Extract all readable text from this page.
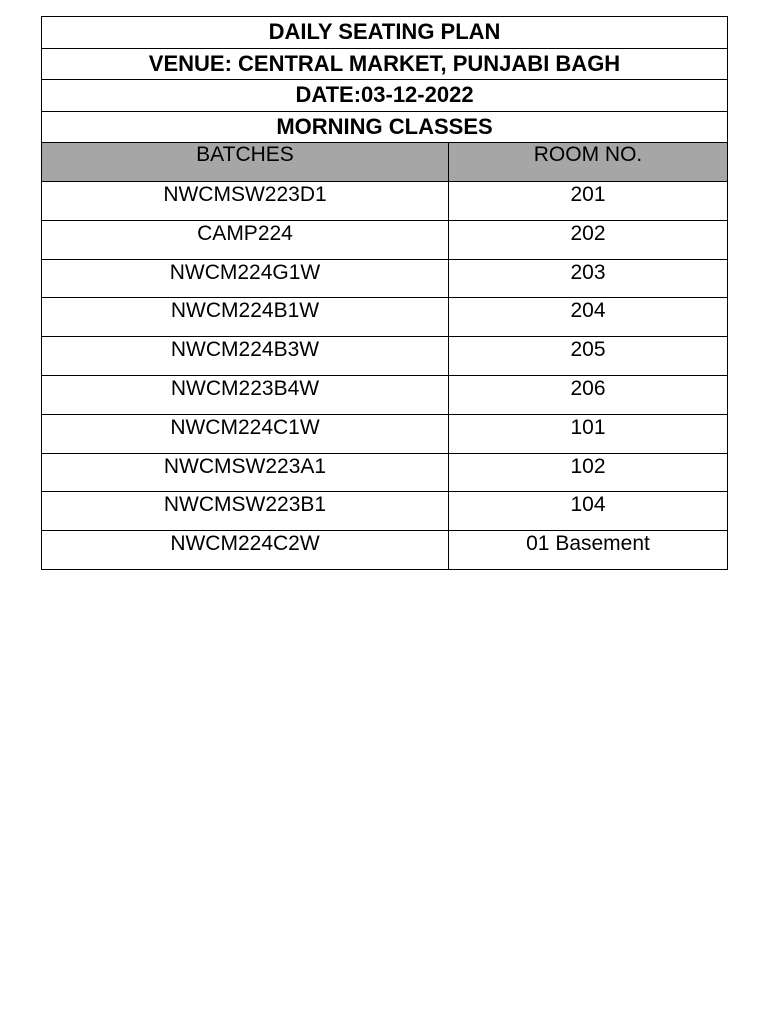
DAILY SEATING PLAN	
VENUE: CENTRAL MARKET, PUNJABI BAGH	
DATE:03-12-2022	
MORNING CLASSES	
BATCHES	ROOM NO.
NWCMSW223D1	201
CAMP224	202
NWCM224G1W	203
NWCM224B1W	204
NWCM224B3W	205
NWCM223B4W	206
NWCM224C1W	101
NWCMSW223A1	102
NWCMSW223B1	104
NWCM224C2W	01 Basement
